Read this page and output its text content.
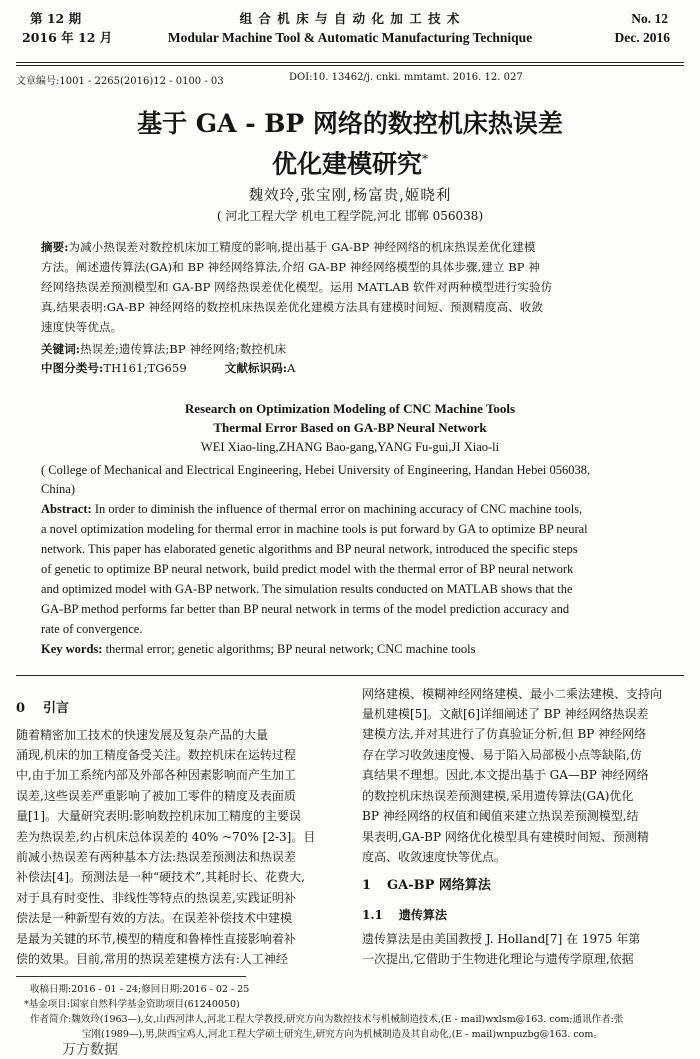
第 12 期
2016 年 12 月
组 合 机 床 与 自 动 化 加 工 技 术
Modular Machine Tool & Automatic Manufacturing Technique
No. 12
Dec. 2016
文章编号:1001 - 2265(2016)12 - 0100 - 03	DOI:10. 13462/j. cnki. mmtamt. 2016. 12. 027
基于 GA - BP 网络的数控机床热误差
优化建模研究*
魏效玲,张宝刚,杨富贵,姬晓利
( 河北工程大学 机电工程学院,河北 邯郸 056038)
摘要:为减小热误差对数控机床加工精度的影响,提出基于 GA-BP 神经网络的机床热误差优化建模
方法。阐述遗传算法(GA)和 BP 神经网络算法,介绍 GA-BP 神经网络模型的具体步骤,建立 BP 神
经网络热误差预测模型和 GA-BP 网络热误差优化模型。运用 MATLAB 软件对两种模型进行实验仿
真,结果表明:GA-BP 神经网络的数控机床热误差优化建模方法具有建模时间短、预测精度高、收敛
速度快等优点。
关键词:热误差;遗传算法;BP 神经网络;数控机床
中图分类号:TH161;TG659	文献标识码:A
Research on Optimization Modeling of CNC Machine Tools
Thermal Error Based on GA-BP Neural Network
WEI Xiao-ling,ZHANG Bao-gang,YANG Fu-gui,JI Xiao-li
( College of Mechanical and Electrical Engineering, Hebei University of Engineering, Handan Hebei 056038,
China)
Abstract: In order to diminish the influence of thermal error on machining accuracy of CNC machine tools,
a novel optimization modeling for thermal error in machine tools is put forward by GA to optimize BP neural
network. This paper has elaborated genetic algorithms and BP neural network, introduced the specific steps
of genetic to optimize BP neural network, build predict model with the thermal error of BP neural network
and optimized model with GA-BP network. The simulation results conducted on MATLAB shows that the
GA-BP method performs far better than BP neural network in terms of the model prediction accuracy and
rate of convergence.
Key words: thermal error; genetic algorithms; BP neural network; CNC machine tools
0 引言
随着精密加工技术的快速发展及复杂产品的大量
涌现,机床的加工精度备受关注。数控机床在运转过程
中,由于加工系统内部及外部各种因素影响而产生加工
误差,这些误差严重影响了被加工零件的精度及表面质
量[1]。大量研究表明:影响数控机床加工精度的主要误
差为热误差,约占机床总体误差的 40% ~70% [2-3]。目
前减小热误差有两种基本方法:热误差预测法和热误差
补偿法[4]。预测法是一种“硬技术”,其耗时长、花费大,
对于具有时变性、非线性等特点的热误差,实践证明补
偿法是一种新型有效的方法。在误差补偿技术中建模
是最为关键的环节,模型的精度和鲁棒性直接影响着补
偿的效果。目前,常用的热误差建模方法有:人工神经
网络建模、模糊神经网络建模、最小二乘法建模、支持向
量机建模[5]。文献[6]详细阐述了 BP 神经网络热误差
建模方法,并对其进行了仿真验证分析,但 BP 神经网络
存在学习收敛速度慢、易于陷入局部极小点等缺陷,仿
真结果不理想。因此,本文提出基于 GA—BP 神经网络
的数控机床热误差预测建模,采用遗传算法(GA)优化
BP 神经网络的权值和阈值来建立热误差预测模型,结
果表明,GA-BP 网络优化模型具有建模时间短、预测精
度高、收敛速度快等优点。
1 GA-BP 网络算法
1.1 遗传算法
遗传算法是由美国教授 J. Holland[7] 在 1975 年第
一次提出,它借助于生物进化理论与遗传学原理,依据
收稿日期:2016 - 01 - 24;修回日期:2016 - 02 - 25
*基金项目:国家自然科学基金资助项目(61240050)
作者简介:魏效玲(1963—),女,山西河津人,河北工程大学教授,研究方向为数控技术与机械制造技术,(E - mail)wxlsm@163. com;通讯作者:张
宝刚(1989—),男,陕西宝鸡人,河北工程大学硕士研究生,研究方向为机械制造及其自动化,(E - mail)wnpuzbg@163. com。
万方数据
